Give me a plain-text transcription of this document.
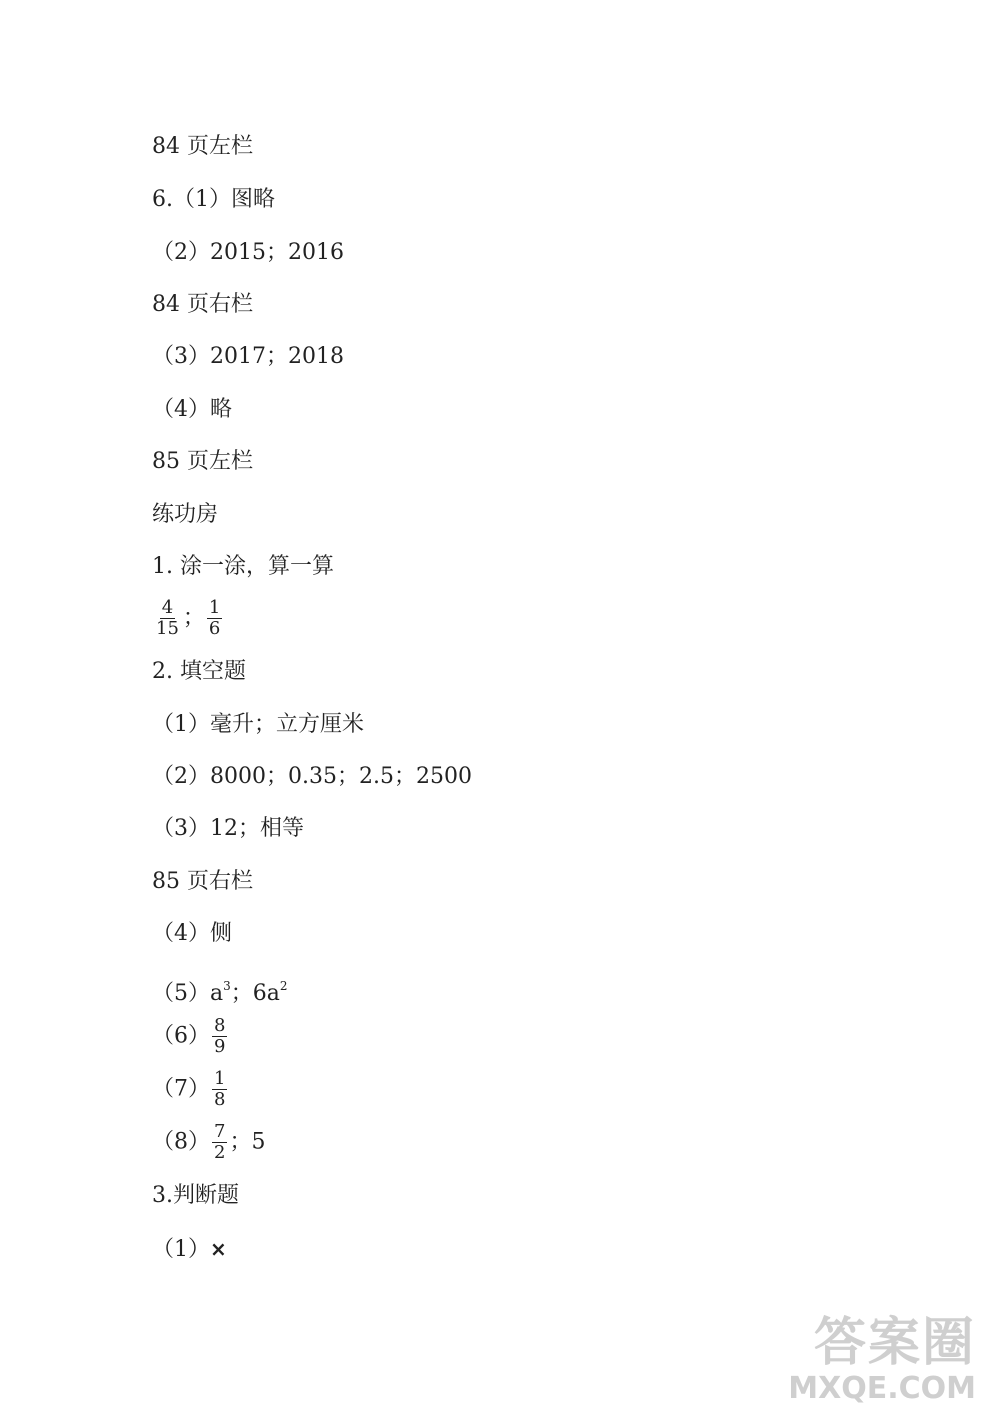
84 页左栏
6.（1）图略
（2）2015；2016
84 页右栏
（3）2017；2018
（4）略
85 页左栏
练功房
1. 涂一涂，算一算
$\frac{4}{15}$ ； $\frac{1}{6}$
2. 填空题
（1）毫升；立方厘米
（2）8000；0.35；2.5；2500
（3）12；相等
85 页右栏
（4）侧
$(5)a^3$；$6a^2$
$(6) \frac{8}{9}$
$(7) \frac{1}{8}$
$(8) \frac{7}{2}$ ；5
3.判断题
（1）×
答案圈
MXQE.COM
